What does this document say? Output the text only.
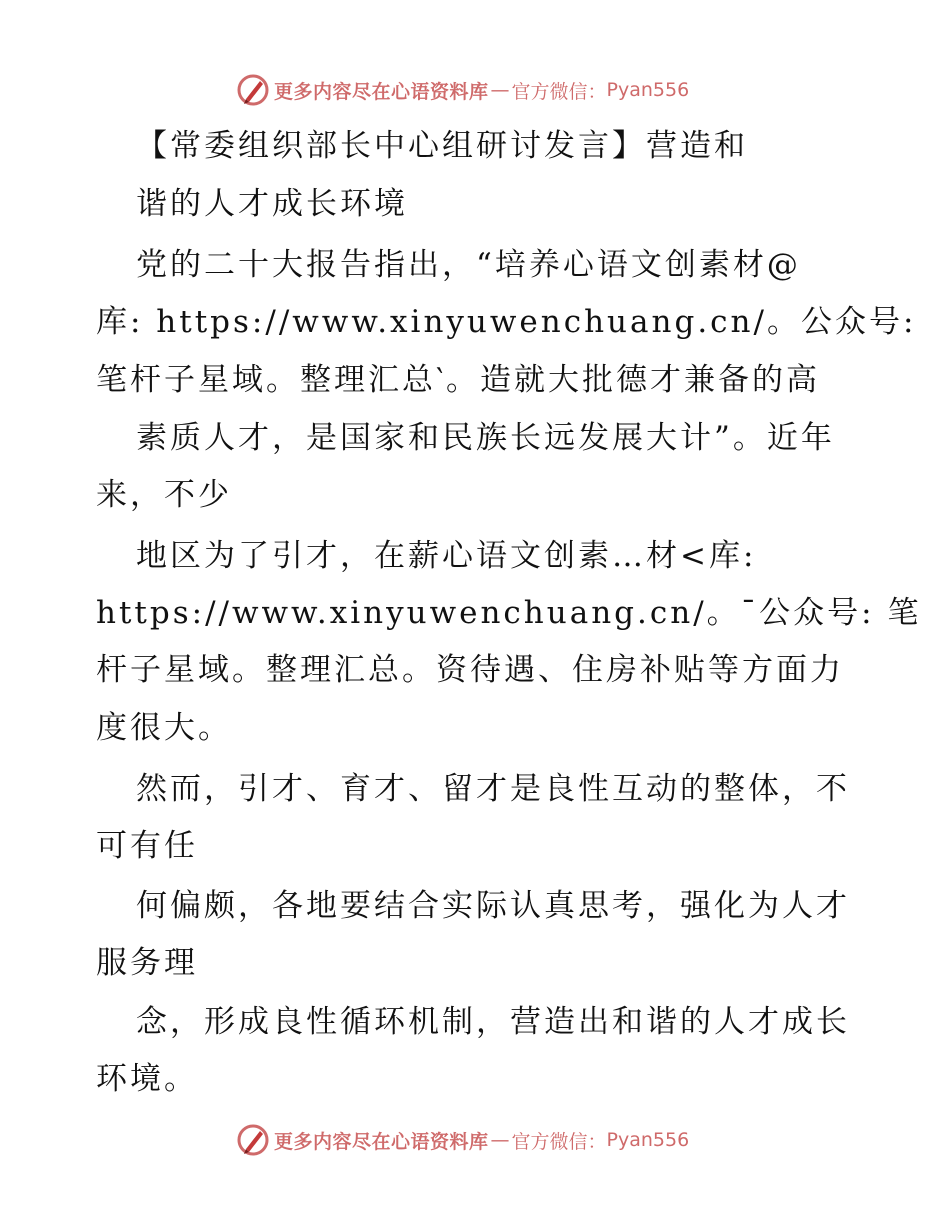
更多内容尽在心语资料库 — 官方微信： Pyan556
【常委组织部长中心组研讨发言】营造和
谐的人才成长环境
党的二十大报告指出，“培养心语文创素材@
库: https://www.xinyuwenchuang.cn/。公众号:
笔杆子星域。整理汇总‵。造就大批德才兼备的高
素质人才，是国家和民族长远发展大计”。近年
来，不少
地区为了引才，在薪心语文创素…材<库:
https://www.xinyuwenchuang.cn/。¯公众号: 笔
杆子星域。整理汇总。资待遇、住房补贴等方面力
度很大。
然而，引才、育才、留才是良性互动的整体，不
可有任
何偏颇，各地要结合实际认真思考，强化为人才
服务理
念，形成良性循环机制，营造出和谐的人才成长
环境。
更多内容尽在心语资料库 — 官方微信： Pyan556
